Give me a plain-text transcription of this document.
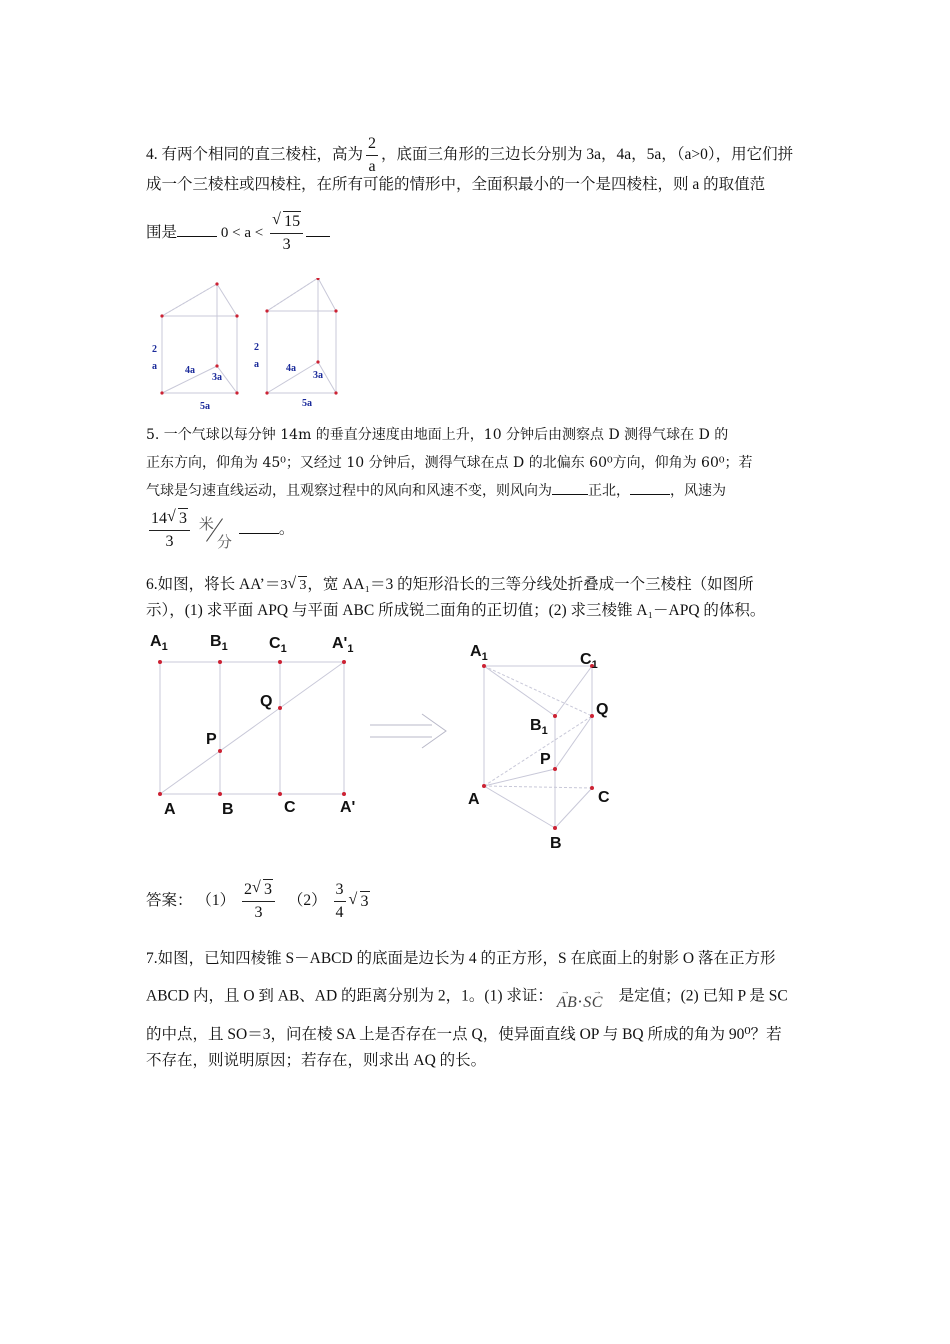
4. 有两个相同的直三棱柱，高为 $\frac{2}{a}$ ，底面三角形的三边长分别为 3a，4a，5a，（a>0），用它们拼
成一个三棱柱或四棱柱，在所有可能的情形中，全面积最小的一个是四棱柱，则 a 的取值范
围是	0 < a < √ $\frac{15}{3}$
2
a	4a
3a
5a
2
a	4a
3a
5a
5. 一个气球以每分钟 14m 的垂直分速度由地面上升，10 分钟后由测察点 D 测得气球在 D 的
正东方向，仰角为 45⁰；又经过 10 分钟后，测得气球在点 D 的北偏东 60⁰方向，仰角为 60⁰；若
气球是匀速直线运动，且观察过程中的风向和风速不变，则风向为	正北，	，风速为
$\frac{14 √ 3}{3}$
米
分
。
6.如图，将长 AA’＝3 √ 3，宽 AA₁＝3 的矩形沿长的三等分线处折叠成一个三棱柱（如图所
示），(1) 求平面 APQ 与平面 ABC 所成锐二面角的正切值；(2) 求三棱锥 A₁－APQ 的体积。
$A_1$	$B_1$	$C_1$	$A'_1$
Q
P
A	B	C	A'
$A_1$	$C_1$
Q
$B_1$
P
A	C
B
答案： $(1) \frac{2 √ 3}{3} (2) \frac{3}{4}$ √ 3
7.如图，已知四棱锥 S－ABCD 的底面是边长为 4 的正方形，S 在底面上的射影 O 落在正方形
ABCD 内，且 O 到 AB、AD 的距离分别为 2，1。(1) 求证： →	→
AB⋅SC 是定值；(2) 已知 P 是 SC
的中点，且 SO＝3，问在棱 SA 上是否存在一点 Q，使异面直线 OP 与 BQ 所成的角为 90⁰？若
不存在，则说明原因；若存在，则求出 AQ 的长。
